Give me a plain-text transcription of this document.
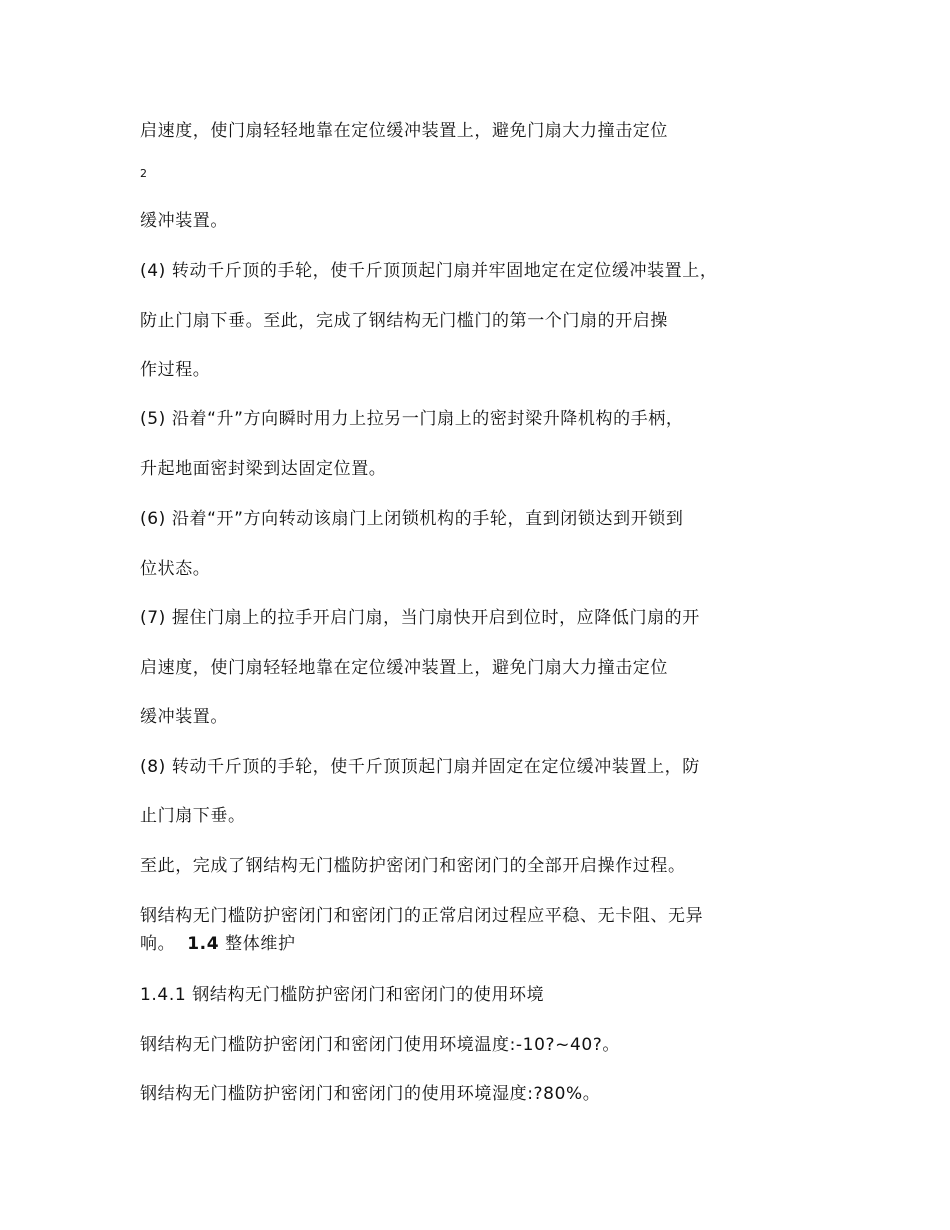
启速度，使门扇轻轻地靠在定位缓冲装置上，避免门扇大力撞击定位
2
缓冲装置。
(4) 转动千斤顶的手轮，使千斤顶顶起门扇并牢固地定在定位缓冲装置上，
防止门扇下垂。至此，完成了钢结构无门槛门的第一个门扇的开启操
作过程。
(5) 沿着“升”方向瞬时用力上拉另一门扇上的密封梁升降机构的手柄，
升起地面密封梁到达固定位置。
(6) 沿着“开”方向转动该扇门上闭锁机构的手轮，直到闭锁达到开锁到
位状态。
(7) 握住门扇上的拉手开启门扇，当门扇快开启到位时，应降低门扇的开
启速度，使门扇轻轻地靠在定位缓冲装置上，避免门扇大力撞击定位
缓冲装置。
(8) 转动千斤顶的手轮，使千斤顶顶起门扇并固定在定位缓冲装置上，防
止门扇下垂。
至此，完成了钢结构无门槛防护密闭门和密闭门的全部开启操作过程。
钢结构无门槛防护密闭门和密闭门的正常启闭过程应平稳、无卡阻、无异
响。 1.4 整体维护
1.4.1 钢结构无门槛防护密闭门和密闭门的使用环境
钢结构无门槛防护密闭门和密闭门使用环境温度:-10?~40?。
钢结构无门槛防护密闭门和密闭门的使用环境湿度:?80%。
